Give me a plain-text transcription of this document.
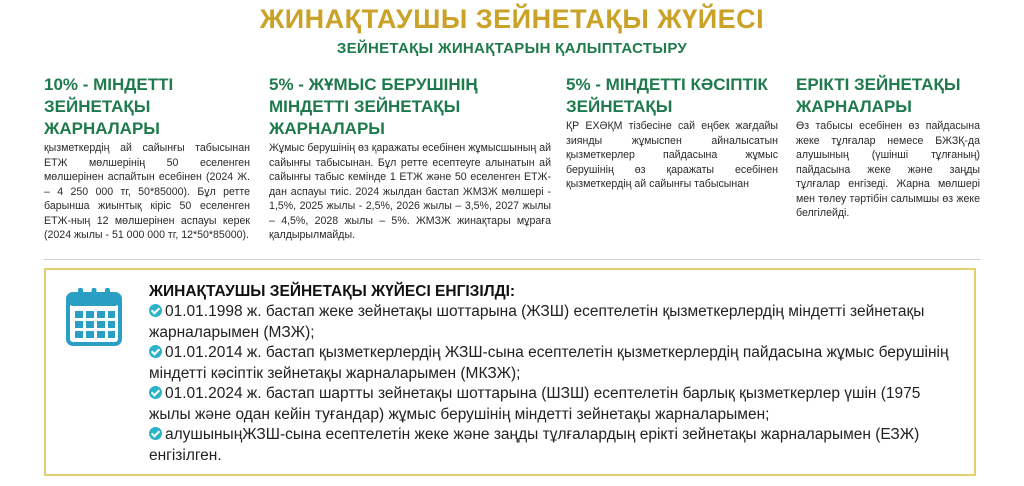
ЖИНАҚТАУШЫ ЗЕЙНЕТАҚЫ ЖҮЙЕСІ
ЗЕЙНЕТАҚЫ ЖИНАҚТАРЫН ҚАЛЫПТАСТЫРУ
10% - МІНДЕТТІ ЗЕЙНЕТАҚЫ ЖАРНАЛАРЫ
қызметкердің ай сайынғы табысынан ЕТЖ мөлшерінің 50 еселенген мөлшерінен аспайтын есебінен (2024 Ж. – 4 250 000 тг, 50*85000). Бұл ретте барынша жиынтық кіріс 50 еселенген ЕТЖ-ның 12 мөлшерінен аспауы керек (2024 жылы - 51 000 000 тг, 12*50*85000).
5% - ЖҰМЫС БЕРУШІНІҢ МІНДЕТТІ ЗЕЙНЕТАҚЫ ЖАРНАЛАРЫ
Жұмыс берушінің өз қаражаты есебінен жұмысшының ай сайынғы табысынан. Бұл ретте есептеуге алынатын ай сайынғы табыс кемінде 1 ЕТЖ және 50 еселенген ЕТЖ-дан аспауы тиіс. 2024 жылдан бастап ЖМЗЖ мөлшері - 1,5%, 2025 жылы - 2,5%, 2026 жылы – 3,5%, 2027 жылы – 4,5%, 2028 жылы – 5%. ЖМЗЖ жинақтары мұраға қалдырылмайды.
5% - МІНДЕТТІ КӘСІПТІК ЗЕЙНЕТАҚЫ
ҚР ЕХӘҚМ тізбесіне сай еңбек жағдайы зиянды жұмыспен айналысатын қызметкерлер пайдасына жұмыс берушінің өз қаражаты есебінен қызметкердің ай сайынғы табысынан
ЕРІКТІ ЗЕЙНЕТАҚЫ ЖАРНАЛАРЫ
Өз табысы есебінен өз пайдасына жеке тұлғалар немесе БЖЗҚ-да алушының (үшінші тұлғаның) пайдасына жеке және заңды тұлғалар енгізеді. Жарна мөлшері мен төлеу тәртібін салымшы өз жеке белгілейді.
ЖИНАҚТАУШЫ ЗЕЙНЕТАҚЫ ЖҮЙЕСІ ЕНГІЗІЛДІ:
01.01.1998 ж. бастап жеке зейнетақы шоттарына (ЖЗШ) есептелетін қызметкерлердің міндетті зейнетақы жарналарымен (МЗЖ);
01.01.2014 ж. бастап қызметкерлердің ЖЗШ-сына есептелетін қызметкерлердің пайдасына жұмыс берушінің міндетті кәсіптік зейнетақы жарналарымен (МКЗЖ);
01.01.2024 ж. бастап шартты зейнетақы шоттарына (ШЗШ) есептелетін барлық қызметкерлер үшін (1975 жылы және одан кейін туғандар) жұмыс берушінің міндетті зейнетақы жарналарымен;
алушыныңЖЗШ-сына есептелетін жеке және заңды тұлғалардың ерікті зейнетақы жарналарымен (ЕЗЖ) енгізілген.
